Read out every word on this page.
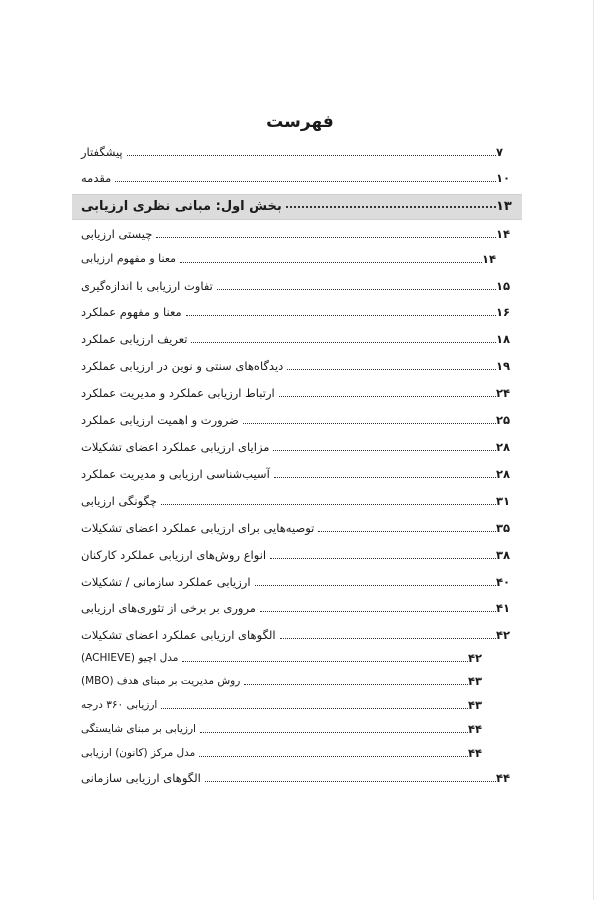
فهرست
پیشگفتار	۷
مقدمه	۱۰
بخش اول: مبانی نظری ارزیابی	۱۳
چیستی ارزیابی	۱۴
معنا و مفهوم ارزیابی	۱۴
تفاوت ارزیابی با اندازه‌گیری	۱۵
معنا و مفهوم عملکرد	۱۶
تعریف ارزیابی عملکرد	۱۸
دیدگاه‌های سنتی و نوین در ارزیابی عملکرد	۱۹
ارتباط ارزیابی عملکرد و مدیریت عملکرد	۲۴
ضرورت و اهمیت ارزیابی عملکرد	۲۵
مزایای ارزیابی عملکرد اعضای تشکیلات	۲۸
آسیب‌شناسی ارزیابی و مدیریت عملکرد	۲۸
چگونگی ارزیابی	۳۱
توصیه‌هایی برای ارزیابی عملکرد اعضای تشکیلات	۳۵
انواع روش‌های ارزیابی عملکرد کارکنان	۳۸
ارزیابی عملکرد سازمانی / تشکیلات	۴۰
مروری بر برخی از تئوری‌های ارزیابی	۴۱
الگوهای ارزیابی عملکرد اعضای تشکیلات	۴۲
مدل اچیو (ACHIEVE)	۴۲
روش مدیریت بر مبنای هدف (MBO)	۴۳
ارزیابی ۳۶۰ درجه	۴۳
ارزیابی بر مبنای شایستگی	۴۴
مدل مرکز (کانون) ارزیابی	۴۴
الگوهای ارزیابی سازمانی	۴۴
